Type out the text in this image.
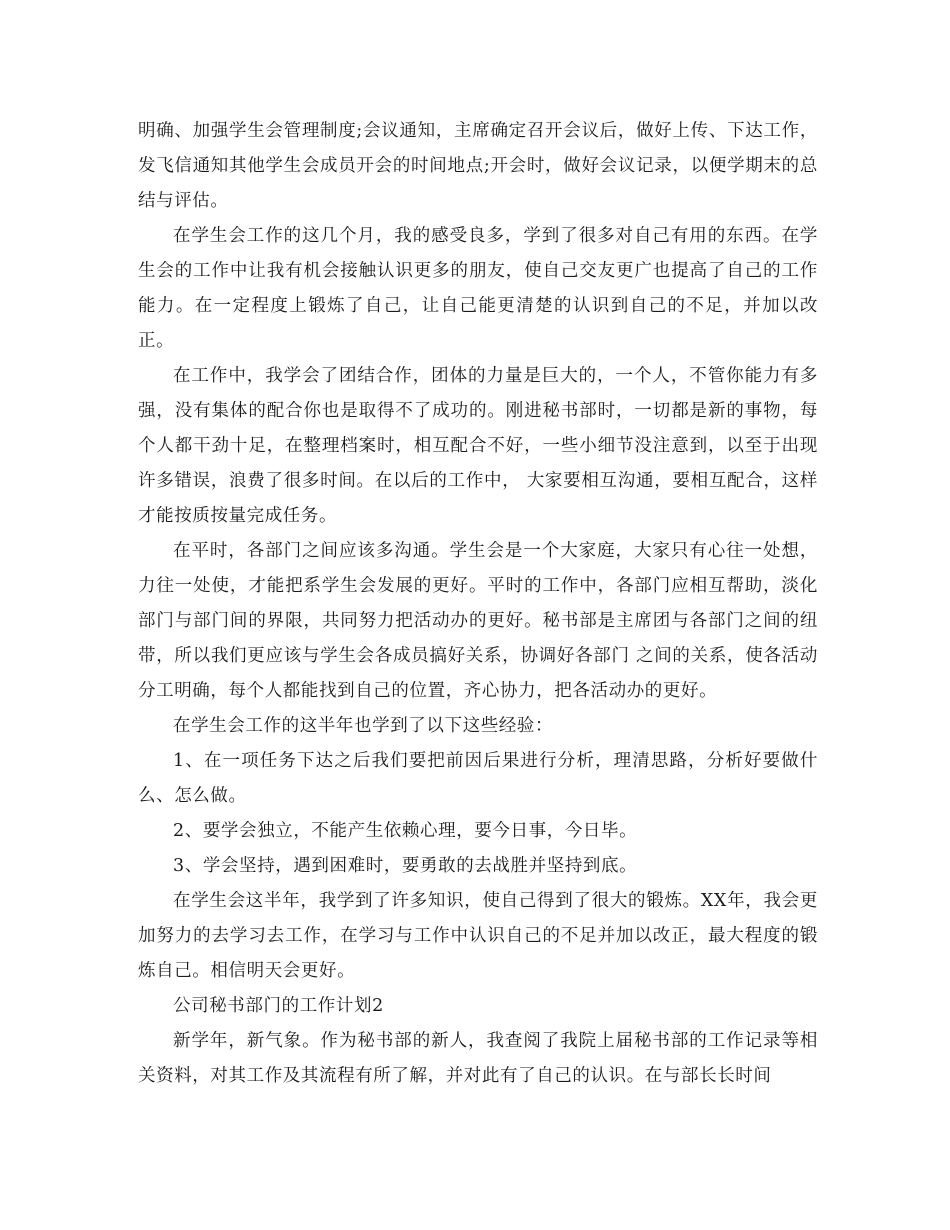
明确、加强学生会管理制度;会议通知，主席确定召开会议后，做好上传、下达工作，发飞信通知其他学生会成员开会的时间地点;开会时，做好会议记录，以便学期末的总结与评估。

在学生会工作的这几个月，我的感受良多，学到了很多对自己有用的东西。在学生会的工作中让我有机会接触认识更多的朋友，使自己交友更广也提高了自己的工作能力。在一定程度上锻炼了自己，让自己能更清楚的认识到自己的不足，并加以改正。

在工作中，我学会了团结合作，团体的力量是巨大的，一个人，不管你能力有多强，没有集体的配合你也是取得不了成功的。刚进秘书部时，一切都是新的事物，每个人都干劲十足，在整理档案时，相互配合不好，一些小细节没注意到，以至于出现许多错误，浪费了很多时间。在以后的工作中， 大家要相互沟通，要相互配合，这样才能按质按量完成任务。

在平时，各部门之间应该多沟通。学生会是一个大家庭，大家只有心往一处想，力往一处使，才能把系学生会发展的更好。平时的工作中，各部门应相互帮助，淡化部门与部门间的界限，共同努力把活动办的更好。秘书部是主席团与各部门之间的纽带，所以我们更应该与学生会各成员搞好关系，协调好各部门 之间的关系，使各活动分工明确，每个人都能找到自己的位置，齐心协力，把各活动办的更好。

在学生会工作的这半年也学到了以下这些经验：

1、在一项任务下达之后我们要把前因后果进行分析，理清思路，分析好要做什么、怎么做。

2、要学会独立，不能产生依赖心理，要今日事，今日毕。

3、学会坚持，遇到困难时，要勇敢的去战胜并坚持到底。

在学生会这半年，我学到了许多知识，使自己得到了很大的锻炼。XX年，我会更加努力的去学习去工作，在学习与工作中认识自己的不足并加以改正，最大程度的锻炼自己。相信明天会更好。

公司秘书部门的工作计划2

新学年，新气象。作为秘书部的新人，我查阅了我院上届秘书部的工作记录等相关资料，对其工作及其流程有所了解，并对此有了自己的认识。在与部长长时间
